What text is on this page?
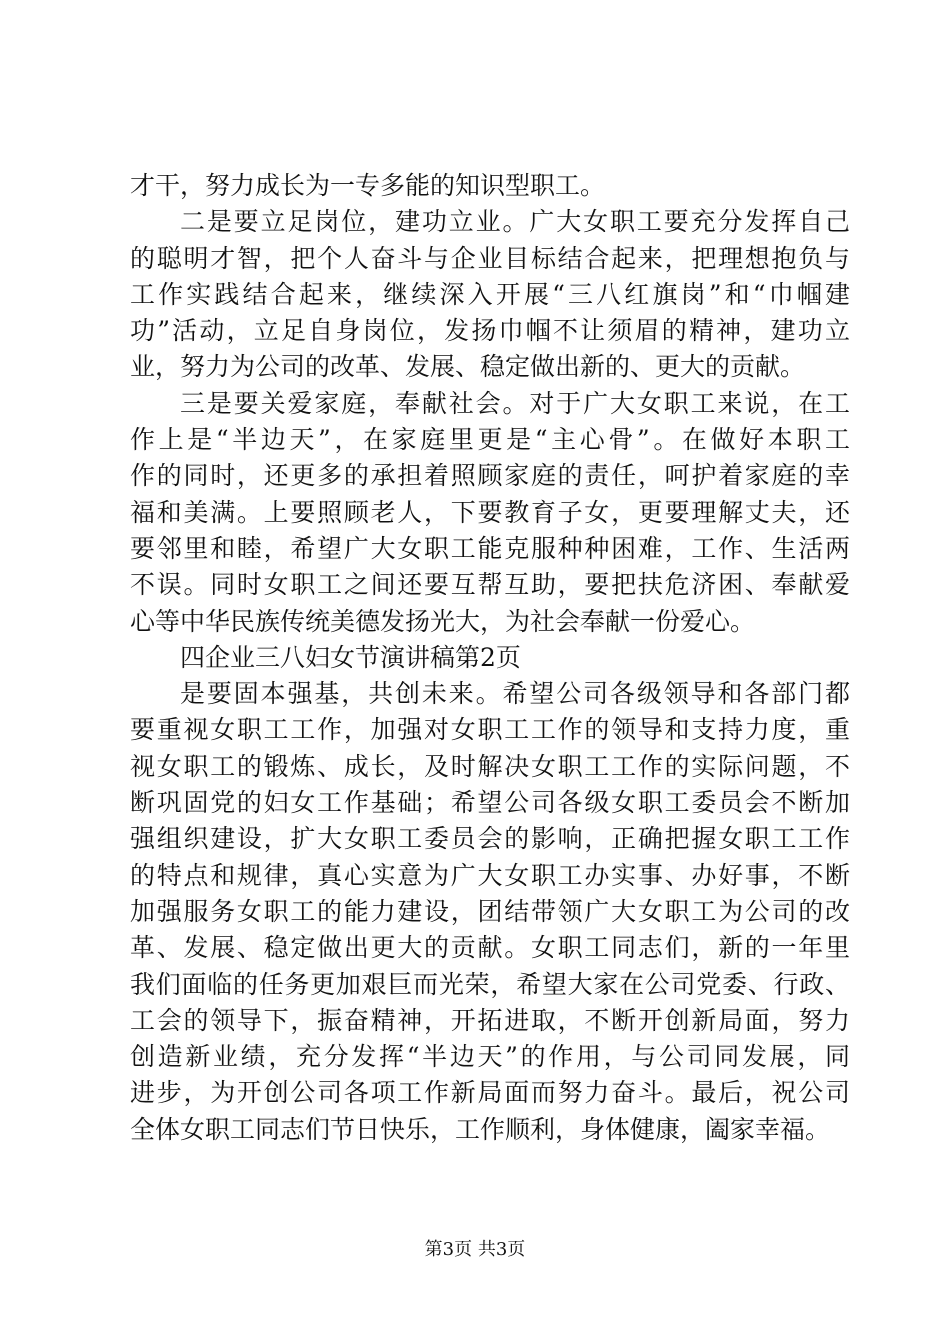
才干，努力成长为一专多能的知识型职工。
二是要立足岗位，建功立业。广大女职工要充分发挥自己
的聪明才智，把个人奋斗与企业目标结合起来，把理想抱负与
工作实践结合起来，继续深入开展“三八红旗岗”和“巾帼建
功”活动，立足自身岗位，发扬巾帼不让须眉的精神，建功立
业，努力为公司的改革、发展、稳定做出新的、更大的贡献。
三是要关爱家庭，奉献社会。对于广大女职工来说，在工
作上是“半边天”，在家庭里更是“主心骨”。在做好本职工
作的同时，还更多的承担着照顾家庭的责任，呵护着家庭的幸
福和美满。上要照顾老人，下要教育子女，更要理解丈夫，还
要邻里和睦，希望广大女职工能克服种种困难，工作、生活两
不误。同时女职工之间还要互帮互助，要把扶危济困、奉献爱
心等中华民族传统美德发扬光大，为社会奉献一份爱心。
四企业三八妇女节演讲稿第2页
是要固本强基，共创未来。希望公司各级领导和各部门都
要重视女职工工作，加强对女职工工作的领导和支持力度，重
视女职工的锻炼、成长，及时解决女职工工作的实际问题，不
断巩固党的妇女工作基础；希望公司各级女职工委员会不断加
强组织建设，扩大女职工委员会的影响，正确把握女职工工作
的特点和规律，真心实意为广大女职工办实事、办好事，不断
加强服务女职工的能力建设，团结带领广大女职工为公司的改
革、发展、稳定做出更大的贡献。女职工同志们，新的一年里
我们面临的任务更加艰巨而光荣，希望大家在公司党委、行政、
工会的领导下，振奋精神，开拓进取，不断开创新局面，努力
创造新业绩，充分发挥“半边天”的作用，与公司同发展，同
进步，为开创公司各项工作新局面而努力奋斗。最后，祝公司
全体女职工同志们节日快乐，工作顺利，身体健康，阖家幸福。
第3页 共3页
